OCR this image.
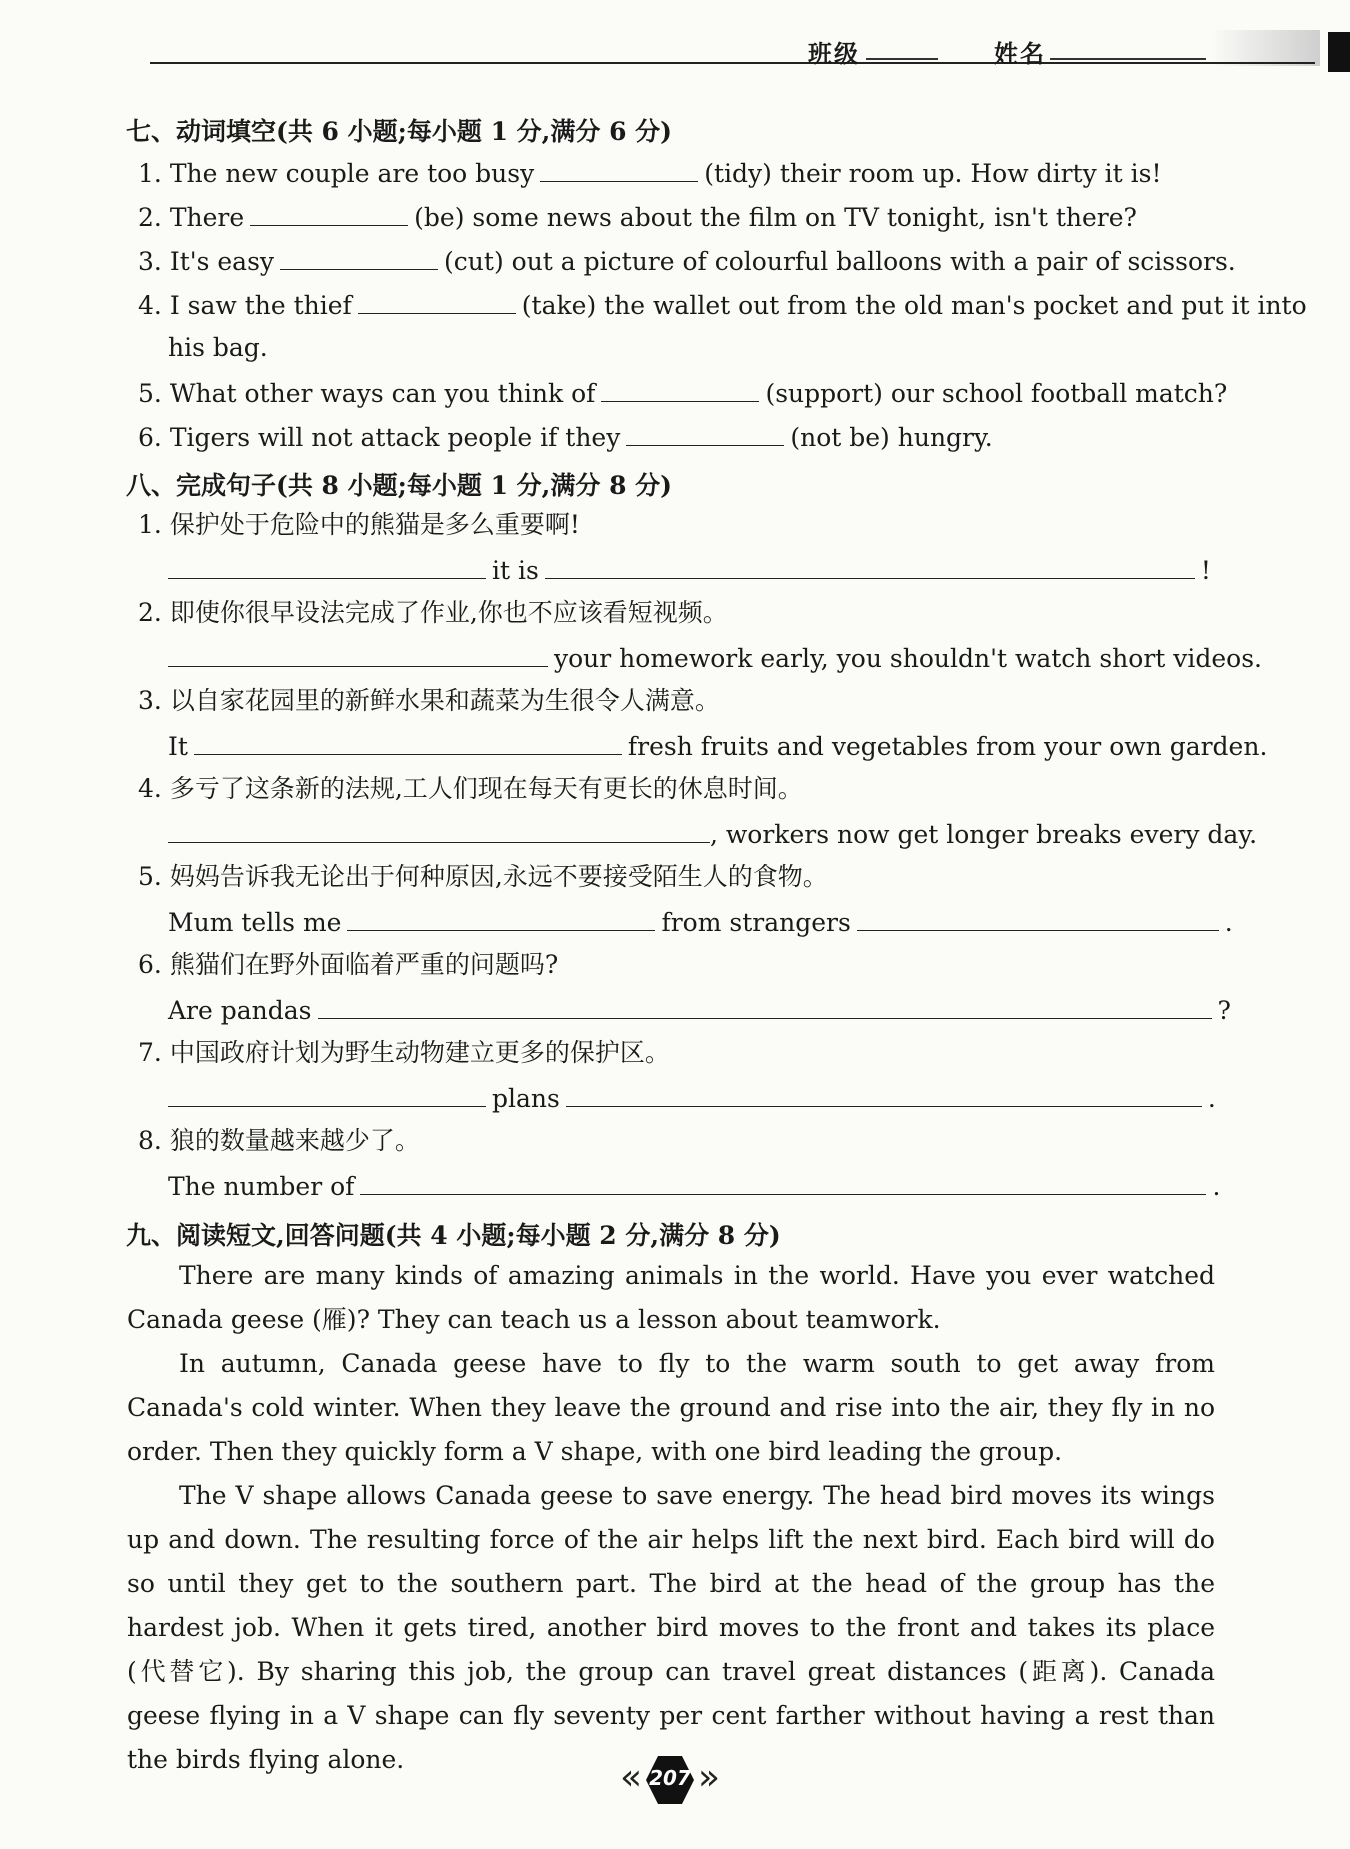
班级	姓名
七、动词填空(共 6 小题;每小题 1 分,满分 6 分)
1. The new couple are too busy	(tidy) their room up. How dirty it is!
2. There	(be) some news about the film on TV tonight, isn't there?
3. It's easy	(cut) out a picture of colourful balloons with a pair of scissors.
4. I saw the thief	(take) the wallet out from the old man's pocket and put it into
his bag.
5. What other ways can you think of	(support) our school football match?
6. Tigers will not attack people if they	(not be) hungry.
八、完成句子(共 8 小题;每小题 1 分,满分 8 分)
1. 保护处于危险中的熊猫是多么重要啊!
it is	!
2. 即使你很早设法完成了作业,你也不应该看短视频。
your homework early, you shouldn't watch short videos.
3. 以自家花园里的新鲜水果和蔬菜为生很令人满意。
It	fresh fruits and vegetables from your own garden.
4. 多亏了这条新的法规,工人们现在每天有更长的休息时间。
, workers now get longer breaks every day.
5. 妈妈告诉我无论出于何种原因,永远不要接受陌生人的食物。
Mum tells me	from strangers	.
6. 熊猫们在野外面临着严重的问题吗?
Are pandas	?
7. 中国政府计划为野生动物建立更多的保护区。
plans	.
8. 狼的数量越来越少了。
The number of	.
九、阅读短文,回答问题(共 4 小题;每小题 2 分,满分 8 分)
There are many kinds of amazing animals in the world. Have you ever watched Canada geese (雁)? They can teach us a lesson about teamwork.
In autumn, Canada geese have to fly to the warm south to get away from Canada's cold winter. When they leave the ground and rise into the air, they fly in no order. Then they quickly form a V shape, with one bird leading the group.
The V shape allows Canada geese to save energy. The head bird moves its wings up and down. The resulting force of the air helps lift the next bird. Each bird will do so until they get to the southern part. The bird at the head of the group has the hardest job. When it gets tired, another bird moves to the front and takes its place (代替它). By sharing this job, the group can travel great distances (距离). Canada geese flying in a V shape can fly seventy per cent farther without having a rest than the birds flying alone.	« 207 »
